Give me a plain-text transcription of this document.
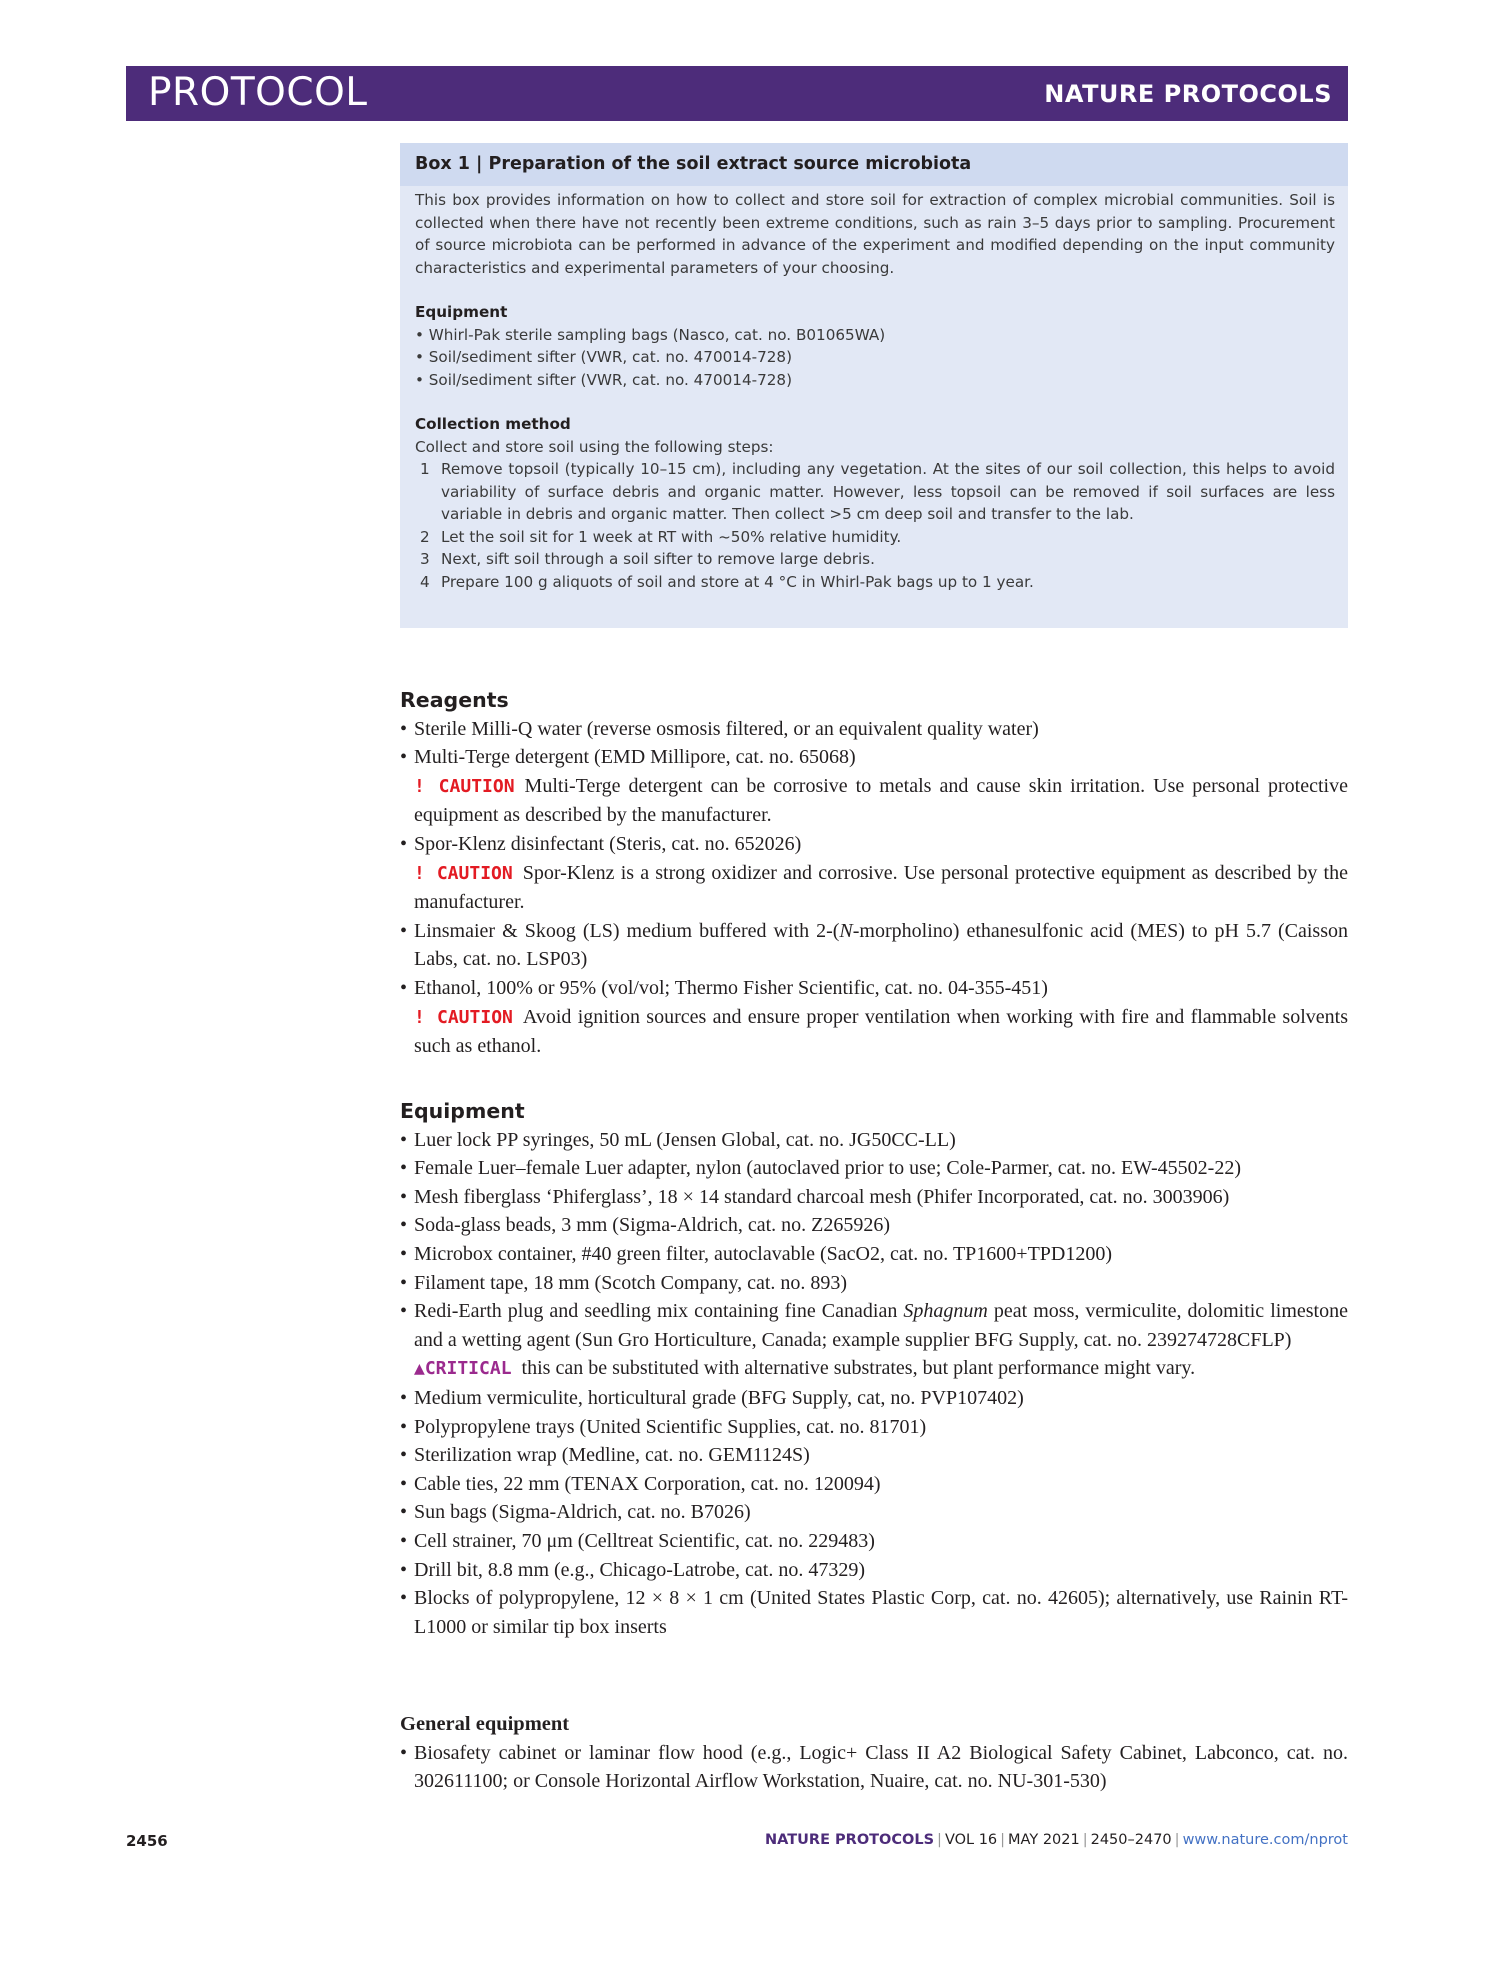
PROTOCOL	NATURE PROTOCOLS
Box 1 | Preparation of the soil extract source microbiota
This box provides information on how to collect and store soil for extraction of complex microbial communities. Soil is collected when there have not recently been extreme conditions, such as rain 3–5 days prior to sampling. Procurement of source microbiota can be performed in advance of the experiment and modified depending on the input community characteristics and experimental parameters of your choosing.
Equipment
• Whirl-Pak sterile sampling bags (Nasco, cat. no. B01065WA)
• Soil/sediment sifter (VWR, cat. no. 470014-728)
• Soil/sediment sifter (VWR, cat. no. 470014-728)
Collection method
Collect and store soil using the following steps:
1 Remove topsoil (typically 10–15 cm), including any vegetation. At the sites of our soil collection, this helps to avoid variability of surface debris and organic matter. However, less topsoil can be removed if soil surfaces are less variable in debris and organic matter. Then collect >5 cm deep soil and transfer to the lab.
2 Let the soil sit for 1 week at RT with ~50% relative humidity.
3 Next, sift soil through a soil sifter to remove large debris.
4 Prepare 100 g aliquots of soil and store at 4 °C in Whirl-Pak bags up to 1 year.
Reagents
• Sterile Milli-Q water (reverse osmosis filtered, or an equivalent quality water)
• Multi-Terge detergent (EMD Millipore, cat. no. 65068)
! CAUTION Multi-Terge detergent can be corrosive to metals and cause skin irritation. Use personal protective equipment as described by the manufacturer.
• Spor-Klenz disinfectant (Steris, cat. no. 652026)
! CAUTION Spor-Klenz is a strong oxidizer and corrosive. Use personal protective equipment as described by the manufacturer.
• Linsmaier & Skoog (LS) medium buffered with 2-(N-morpholino) ethanesulfonic acid (MES) to pH 5.7 (Caisson Labs, cat. no. LSP03)
• Ethanol, 100% or 95% (vol/vol; Thermo Fisher Scientific, cat. no. 04-355-451)
! CAUTION Avoid ignition sources and ensure proper ventilation when working with fire and flammable solvents such as ethanol.
Equipment
• Luer lock PP syringes, 50 mL (Jensen Global, cat. no. JG50CC-LL)
• Female Luer–female Luer adapter, nylon (autoclaved prior to use; Cole-Parmer, cat. no. EW-45502-22)
• Mesh fiberglass ‘Phiferglass’, 18 × 14 standard charcoal mesh (Phifer Incorporated, cat. no. 3003906)
• Soda-glass beads, 3 mm (Sigma-Aldrich, cat. no. Z265926)
• Microbox container, #40 green filter, autoclavable (SacO2, cat. no. TP1600+TPD1200)
• Filament tape, 18 mm (Scotch Company, cat. no. 893)
• Redi-Earth plug and seedling mix containing fine Canadian Sphagnum peat moss, vermiculite, dolomitic limestone and a wetting agent (Sun Gro Horticulture, Canada; example supplier BFG Supply, cat. no. 239274728CFLP)
▲CRITICAL this can be substituted with alternative substrates, but plant performance might vary.
• Medium vermiculite, horticultural grade (BFG Supply, cat, no. PVP107402)
• Polypropylene trays (United Scientific Supplies, cat. no. 81701)
• Sterilization wrap (Medline, cat. no. GEM1124S)
• Cable ties, 22 mm (TENAX Corporation, cat. no. 120094)
• Sun bags (Sigma-Aldrich, cat. no. B7026)
• Cell strainer, 70 μm (Celltreat Scientific, cat. no. 229483)
• Drill bit, 8.8 mm (e.g., Chicago-Latrobe, cat. no. 47329)
• Blocks of polypropylene, 12 × 8 × 1 cm (United States Plastic Corp, cat. no. 42605); alternatively, use Rainin RT-L1000 or similar tip box inserts
General equipment
• Biosafety cabinet or laminar flow hood (e.g., Logic+ Class II A2 Biological Safety Cabinet, Labconco, cat. no. 302611100; or Console Horizontal Airflow Workstation, Nuaire, cat. no. NU-301-530)
2456	NATURE PROTOCOLS | VOL 16 | MAY 2021 | 2450–2470 | www.nature.com/nprot
